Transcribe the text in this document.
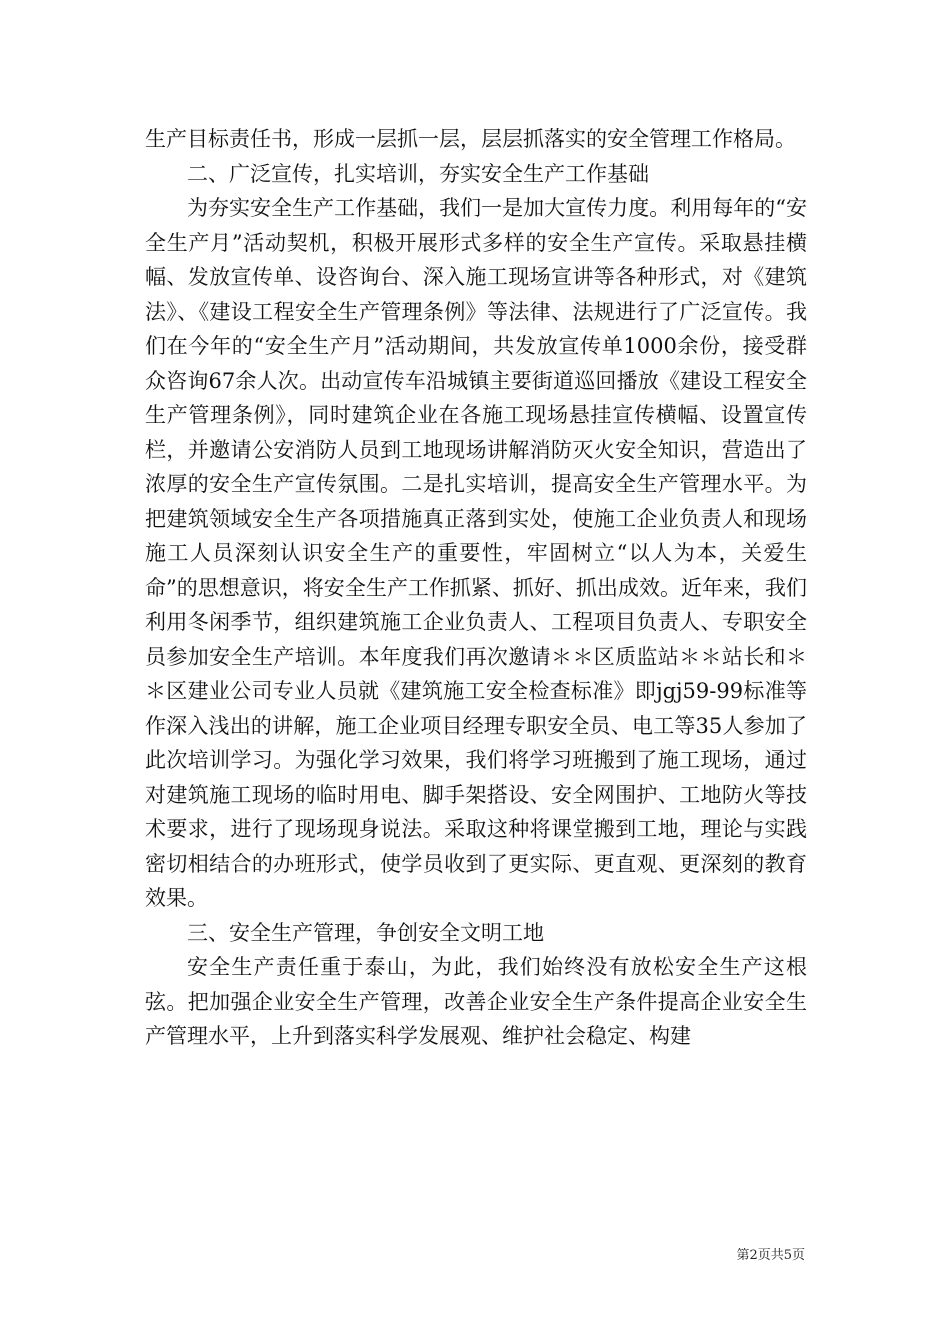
生产目标责任书，形成一层抓一层，层层抓落实的安全管理工作格局。

二、广泛宣传，扎实培训，夯实安全生产工作基础

为夯实安全生产工作基础，我们一是加大宣传力度。利用每年的“安全生产月”活动契机，积极开展形式多样的安全生产宣传。采取悬挂横幅、发放宣传单、设咨询台、深入施工现场宣讲等各种形式，对《建筑法》、《建设工程安全生产管理条例》等法律、法规进行了广泛宣传。我们在今年的“安全生产月”活动期间，共发放宣传单1000余份，接受群众咨询67余人次。出动宣传车沿城镇主要街道巡回播放《建设工程安全生产管理条例》，同时建筑企业在各施工现场悬挂宣传横幅、设置宣传栏，并邀请公安消防人员到工地现场讲解消防灭火安全知识，营造出了浓厚的安全生产宣传氛围。二是扎实培训，提高安全生产管理水平。为把建筑领域安全生产各项措施真正落到实处，使施工企业负责人和现场施工人员深刻认识安全生产的重要性，牢固树立“以人为本，关爱生命”的思想意识，将安全生产工作抓紧、抓好、抓出成效。近年来，我们利用冬闲季节，组织建筑施工企业负责人、工程项目负责人、专职安全员参加安全生产培训。本年度我们再次邀请＊＊区质监站＊＊站长和＊＊区建业公司专业人员就《建筑施工安全检查标准》即jgj59-99标准等作深入浅出的讲解，施工企业项目经理专职安全员、电工等35人参加了此次培训学习。为强化学习效果，我们将学习班搬到了施工现场，通过对建筑施工现场的临时用电、脚手架搭设、安全网围护、工地防火等技术要求，进行了现场现身说法。采取这种将课堂搬到工地，理论与实践密切相结合的办班形式，使学员收到了更实际、更直观、更深刻的教育效果。

三、安全生产管理，争创安全文明工地

安全生产责任重于泰山，为此，我们始终没有放松安全生产这根弦。把加强企业安全生产管理，改善企业安全生产条件提高企业安全生产管理水平，上升到落实科学发展观、维护社会稳定、构建

第2页共5页
